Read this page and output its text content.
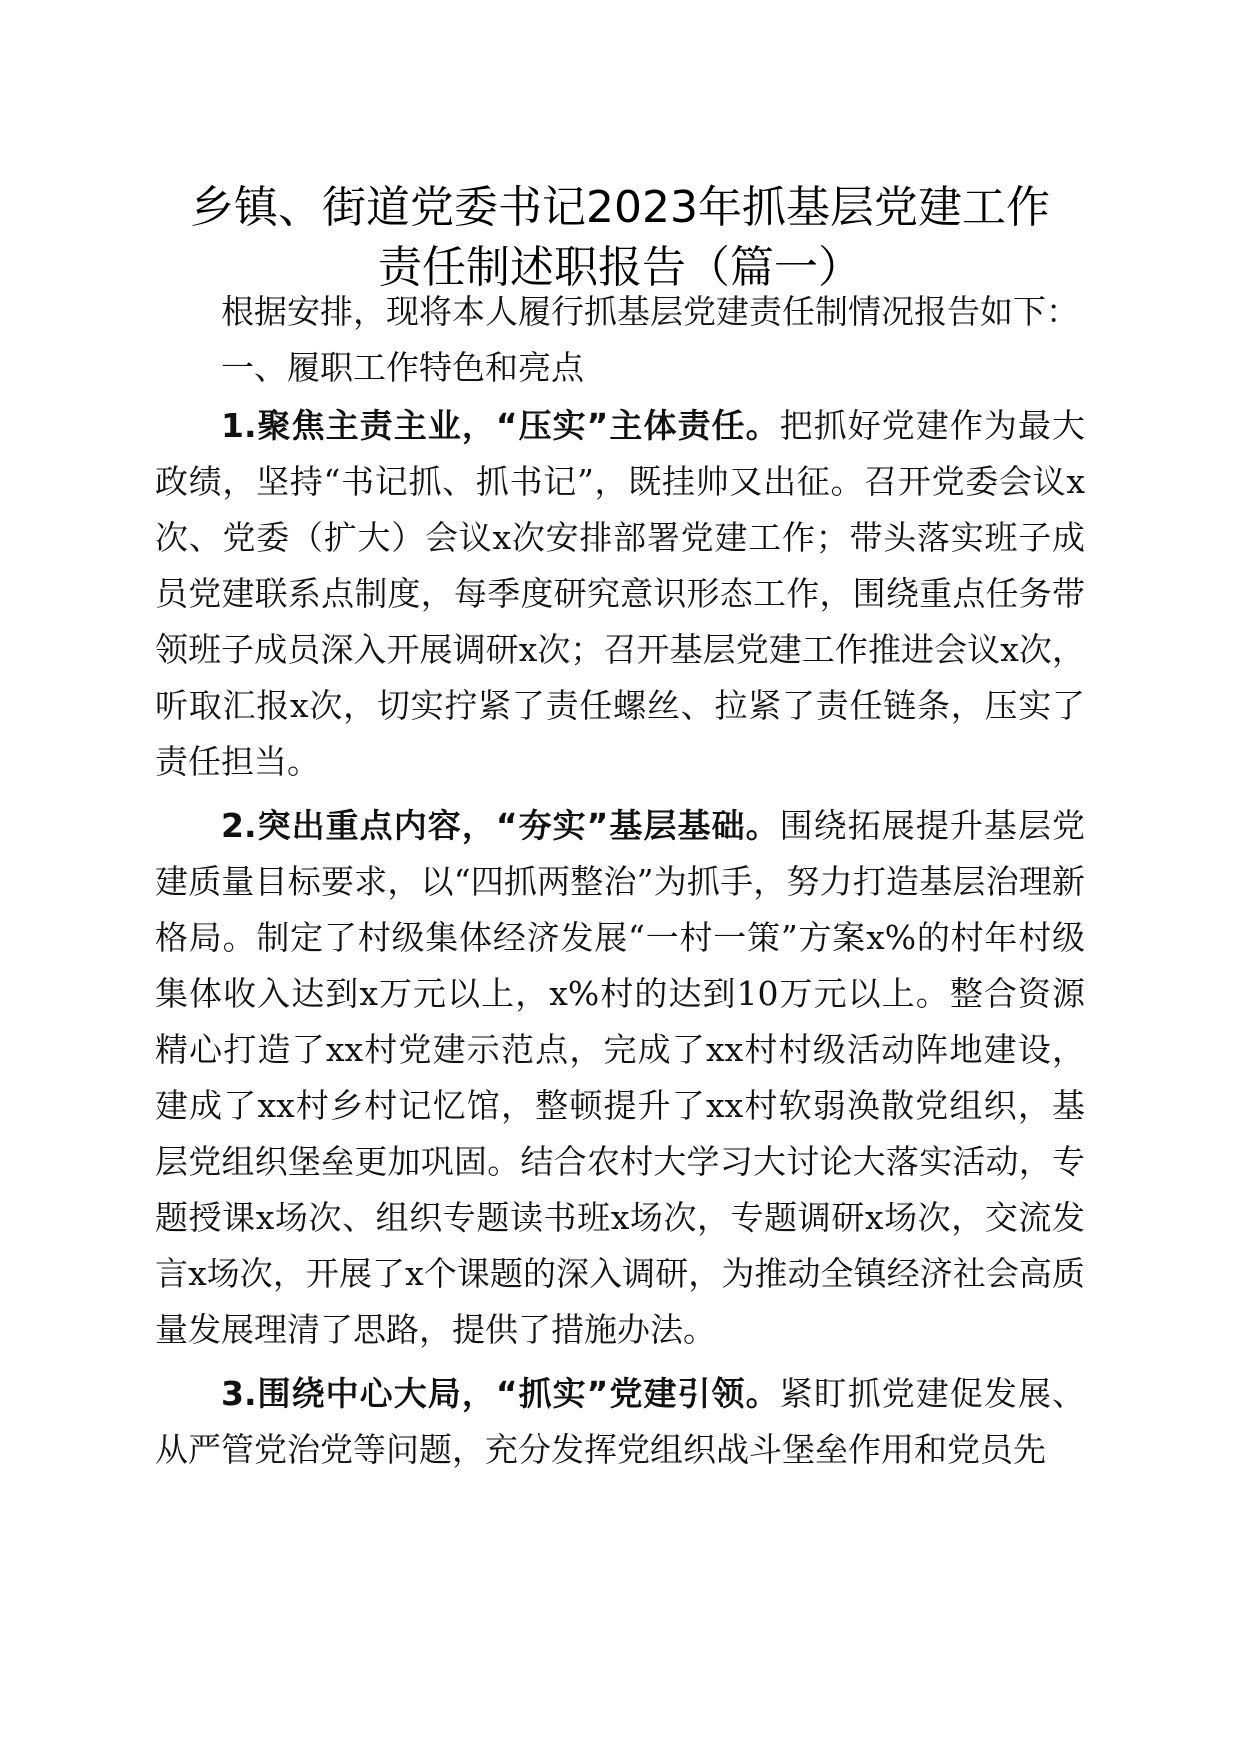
乡镇、街道党委书记2023年抓基层党建工作
责任制述职报告（篇一）

根据安排，现将本人履行抓基层党建责任制情况报告如下：

一、履职工作特色和亮点

1.聚焦主责主业，“压实”主体责任。把抓好党建作为最大政绩，坚持“书记抓、抓书记”，既挂帅又出征。召开党委会议x次、党委（扩大）会议x次安排部署党建工作；带头落实班子成员党建联系点制度，每季度研究意识形态工作，围绕重点任务带领班子成员深入开展调研x次；召开基层党建工作推进会议x次，听取汇报x次，切实拧紧了责任螺丝、拉紧了责任链条，压实了责任担当。

2.突出重点内容，“夯实”基层基础。围绕拓展提升基层党建质量目标要求，以“四抓两整治”为抓手，努力打造基层治理新格局。制定了村级集体经济发展“一村一策”方案x%的村年村级集体收入达到x万元以上，x%村的达到10万元以上。整合资源精心打造了xx村党建示范点，完成了xx村村级活动阵地建设，建成了xx村乡村记忆馆，整顿提升了xx村软弱涣散党组织，基层党组织堡垒更加巩固。结合农村大学习大讨论大落实活动，专题授课x场次、组织专题读书班x场次，专题调研x场次，交流发言x场次，开展了x个课题的深入调研，为推动全镇经济社会高质量发展理清了思路，提供了措施办法。

3.围绕中心大局，“抓实”党建引领。紧盯抓党建促发展、从严管党治党等问题，充分发挥党组织战斗堡垒作用和党员先
